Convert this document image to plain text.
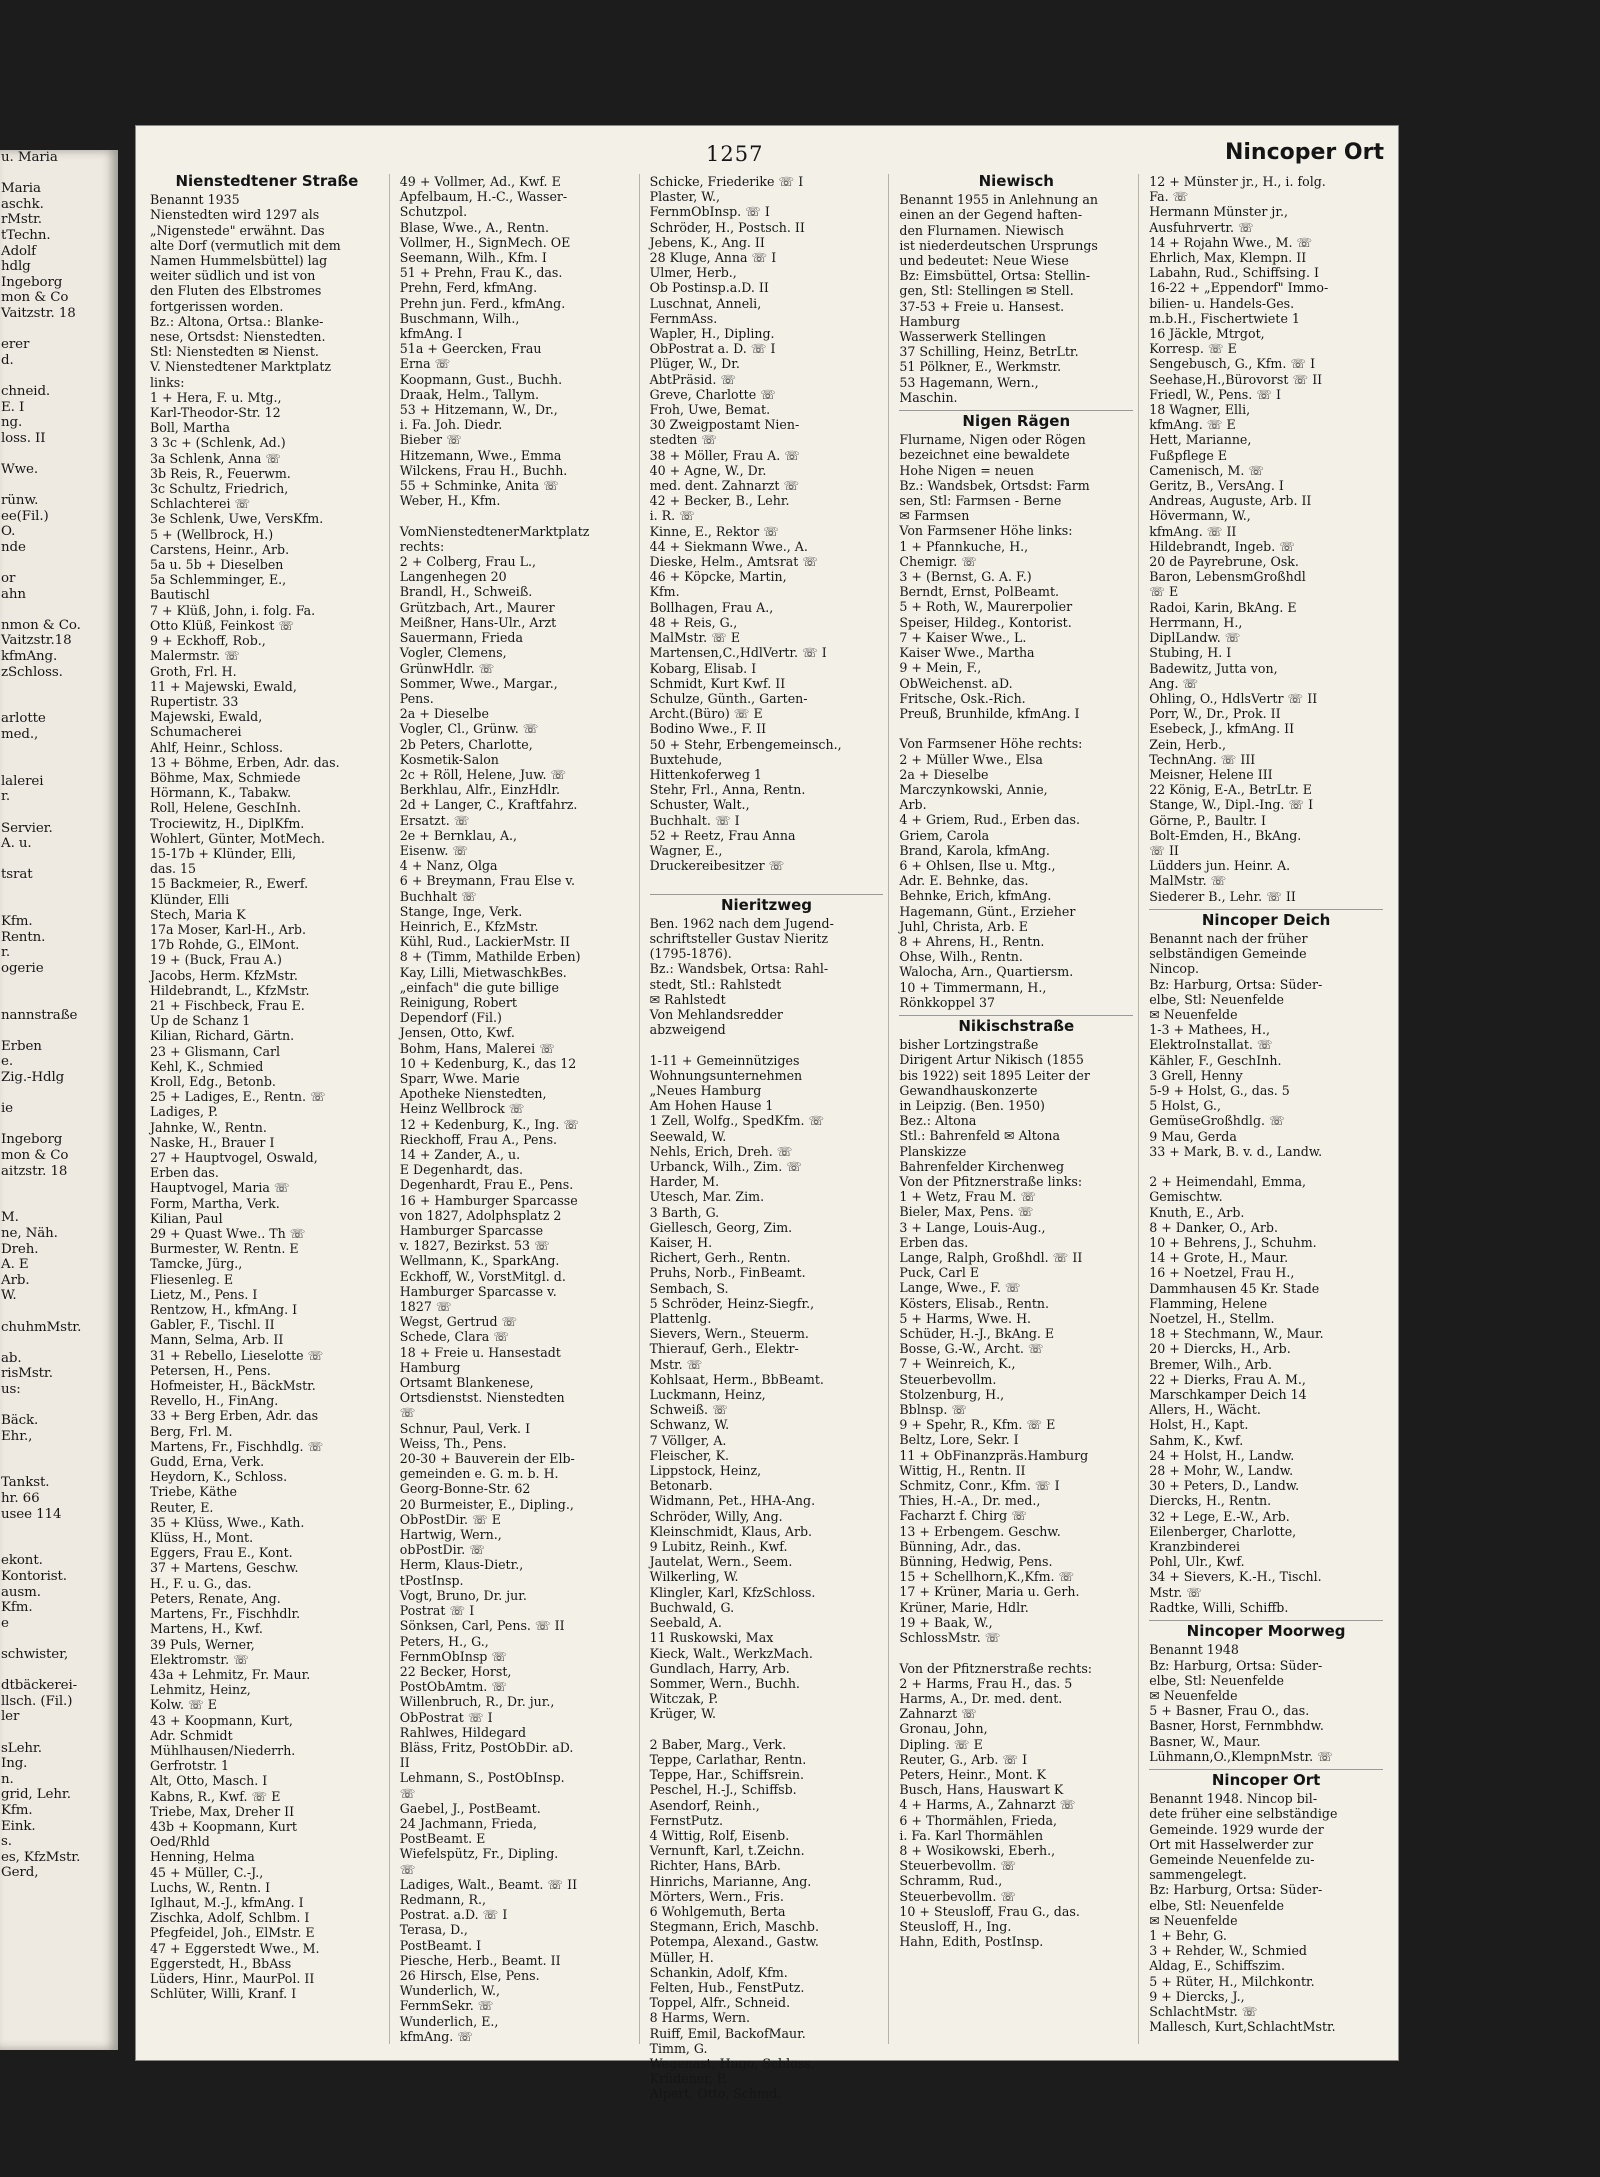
u. Maria

Maria
aschk.
rMstr.
tTechn.
Adolf
hdlg
Ingeborg
mon & Co
Vaitzstr. 18

erer
d.

chneid.
E. I
ng.
loss. II

Wwe.

rünw.
ee(Fil.)
O.
nde

or
ahn

nmon & Co.
Vaitzstr.18
kfmAng.
zSchloss.

arlotte
med.,

lalerei
r.

Servier.
A. u.

tsrat

Kfm.
Rentn.
r.
ogerie

nannstraße

Erben
e.
Zig.-Hdlg

ie

Ingeborg
mon & Co
aitzstr. 18

M.
ne, Näh.
Dreh.
A. E
Arb.
W.

chuhmMstr.

ab.
risMstr.
us:

Bäck.
Ehr.,

Tankst.
hr. 66
usee 114

ekont.
Kontorist.
ausm.
Kfm.
e

schwister,

dtbäckerei-
llsch. (Fil.)
ler

sLehr.
Ing.
n.
grid, Lehr.
Kfm.
Eink.
s.
es, KfzMstr.
Gerd,
1257	Nincoper Ort
Nienstedtener Straße
Benannt 1935
Nienstedten wird 1297 als
„Nigenstede" erwähnt. Das
alte Dorf (vermutlich mit dem
Namen Hummelsbüttel) lag
weiter südlich und ist von
den Fluten des Elbstromes
fortgerissen worden.
Bz.: Altona, Ortsa.: Blanke-
nese, Ortsdst: Nienstedten.
Stl: Nienstedten ✉ Nienst.
V. Nienstedtener Marktplatz
links:
1 + Hera, F. u. Mtg.,
Karl-Theodor-Str. 12
Boll, Martha
3 3c + (Schlenk, Ad.)
3a Schlenk, Anna ☏
3b Reis, R., Feuerwm.
3c Schultz, Friedrich,
Schlachterei ☏
3e Schlenk, Uwe, VersKfm.
5 + (Wellbrock, H.)
Carstens, Heinr., Arb.
5a u. 5b + Dieselben
5a Schlemminger, E.,
Bautischl
7 + Klüß, John, i. folg. Fa.
Otto Klüß, Feinkost ☏
9 + Eckhoff, Rob.,
Malermstr. ☏
Groth, Frl. H.
11 + Majewski, Ewald,
Rupertistr. 33
Majewski, Ewald,
Schumacherei
Ahlf, Heinr., Schloss.
13 + Böhme, Erben, Adr. das.
Böhme, Max, Schmiede
Hörmann, K., Tabakw.
Roll, Helene, GeschInh.
Trociewitz, H., DiplKfm.
Wohlert, Günter, MotMech.
15-17b + Klünder, Elli,
das. 15
15 Backmeier, R., Ewerf.
Klünder, Elli
Stech, Maria K
17a Moser, Karl-H., Arb.
17b Rohde, G., ElMont.
19 + (Buck, Frau A.)
Jacobs, Herm. KfzMstr.
Hildebrandt, L., KfzMstr.
21 + Fischbeck, Frau E.
Up de Schanz 1
Kilian, Richard, Gärtn.
23 + Glismann, Carl
Kehl, K., Schmied
Kroll, Edg., Betonb.
25 + Ladiges, E., Rentn. ☏
Ladiges, P.
Jahnke, W., Rentn.
Naske, H., Brauer I
27 + Hauptvogel, Oswald,
Erben das.
Hauptvogel, Maria ☏
Form, Martha, Verk.
Kilian, Paul
29 + Quast Wwe.. Th ☏
Burmester, W. Rentn. E
Tamcke, Jürg.,
Fliesenleg. E
Lietz, M., Pens. I
Rentzow, H., kfmAng. I
Gabler, F., Tischl. II
Mann, Selma, Arb. II
31 + Rebello, Lieselotte ☏
Petersen, H., Pens.
Hofmeister, H., BäckMstr.
Revello, H., FinAng.
33 + Berg Erben, Adr. das
Berg, Frl. M.
Martens, Fr., Fischhdlg. ☏
Gudd, Erna, Verk.
Heydorn, K., Schloss.
Triebe, Käthe
Reuter, E.
35 + Klüss, Wwe., Kath.
Klüss, H., Mont.
Eggers, Frau E., Kont.
37 + Martens, Geschw.
H., F. u. G., das.
Peters, Renate, Ang.
Martens, Fr., Fischhdlr.
Martens, H., Kwf.
39 Puls, Werner,
Elektromstr. ☏
43a + Lehmitz, Fr. Maur.
Lehmitz, Heinz,
Kolw. ☏ E
43 + Koopmann, Kurt,
Adr. Schmidt
Mühlhausen/Niederrh.
Gerfrotstr. 1
Alt, Otto, Masch. I
Kabns, R., Kwf. ☏ E
Triebe, Max, Dreher II
43b + Koopmann, Kurt
Oed/Rhld
Henning, Helma
45 + Müller, C.-J.,
Luchs, W., Rentn. I
Iglhaut, M.-J., kfmAng. I
Zischka, Adolf, Schlbm. I
Pfegfeidel, Joh., ElMstr. E
47 + Eggerstedt Wwe., M.
Eggerstedt, H., BbAss
Lüders, Hinr., MaurPol. II
Schlüter, Willi, Kranf. I
49 + Vollmer, Ad., Kwf. E
Apfelbaum, H.-C., Wasser-
Schutzpol.
Blase, Wwe., A., Rentn.
Vollmer, H., SignMech. OE
Seemann, Wilh., Kfm. I
51 + Prehn, Frau K., das.
Prehn, Ferd, kfmAng.
Prehn jun. Ferd., kfmAng.
Buschmann, Wilh.,
kfmAng. I
51a + Geercken, Frau
Erna ☏
Koopmann, Gust., Buchh.
Draak, Helm., Tallym.
53 + Hitzemann, W., Dr.,
i. Fa. Joh. Diedr.
Bieber ☏
Hitzemann, Wwe., Emma
Wilckens, Frau H., Buchh.
55 + Schminke, Anita ☏
Weber, H., Kfm.

VomNienstedtenerMarktplatz
rechts:
2 + Colberg, Frau L.,
Langenhegen 20
Brandl, H., Schweiß.
Grützbach, Art., Maurer
Meißner, Hans-Ulr., Arzt
Sauermann, Frieda
Vogler, Clemens,
GrünwHdlr. ☏
Sommer, Wwe., Margar.,
Pens.
2a + Dieselbe
Vogler, Cl., Grünw. ☏
2b Peters, Charlotte,
Kosmetik-Salon
2c + Röll, Helene, Juw. ☏
Berkhlau, Alfr., EinzHdlr.
2d + Langer, C., Kraftfahrz.
Ersatzt. ☏
2e + Bernklau, A.,
Eisenw. ☏
4 + Nanz, Olga
6 + Breymann, Frau Else v.
Buchhalt ☏
Stange, Inge, Verk.
Heinrich, E., KfzMstr.
Kühl, Rud., LackierMstr. II
8 + (Timm, Mathilde Erben)
Kay, Lilli, MietwaschkBes.
„einfach" die gute billige
Reinigung, Robert
Dependorf (Fil.)
Jensen, Otto, Kwf.
Bohm, Hans, Malerei ☏
10 + Kedenburg, K., das 12
Sparr, Wwe. Marie
Apotheke Nienstedten,
Heinz Wellbrock ☏
12 + Kedenburg, K., Ing. ☏
Rieckhoff, Frau A., Pens.
14 + Zander, A., u.
E Degenhardt, das.
Degenhardt, Frau E., Pens.
16 + Hamburger Sparcasse
von 1827, Adolphsplatz 2
Hamburger Sparcasse
v. 1827, Bezirkst. 53 ☏
Wellmann, K., SparkAng.
Eckhoff, W., VorstMitgl. d.
Hamburger Sparcasse v.
1827 ☏
Wegst, Gertrud ☏
Schede, Clara ☏
18 + Freie u. Hansestadt
Hamburg
Ortsamt Blankenese,
Ortsdienstst. Nienstedten
☏
Schnur, Paul, Verk. I
Weiss, Th., Pens.
20-30 + Bauverein der Elb-
gemeinden e. G. m. b. H.
Georg-Bonne-Str. 62
20 Burmeister, E., Dipling.,
ObPostDir. ☏ E
Hartwig, Wern.,
obPostDir. ☏
Herm, Klaus-Dietr.,
tPostInsp.
Vogt, Bruno, Dr. jur.
Postrat ☏ I
Sönksen, Carl, Pens. ☏ II
Peters, H., G.,
FernmObInsp ☏
22 Becker, Horst,
PostObAmtm. ☏
Willenbruch, R., Dr. jur.,
ObPostrat ☏ I
Rahlwes, Hildegard
Bläss, Fritz, PostObDir. aD.
II
Lehmann, S., PostObInsp.
☏
Gaebel, J., PostBeamt.
24 Jachmann, Frieda,
PostBeamt. E
Wiefelspütz, Fr., Dipling.
☏
Ladiges, Walt., Beamt. ☏ II
Redmann, R.,
Postrat. a.D. ☏ I
Terasa, D.,
PostBeamt. I
Piesche, Herb., Beamt. II
26 Hirsch, Else, Pens.
Wunderlich, W.,
FernmSekr. ☏
Wunderlich, E.,
kfmAng. ☏
Schicke, Friederike ☏ I
Plaster, W.,
FernmObInsp. ☏ I
Schröder, H., Postsch. II
Jebens, K., Ang. II
28 Kluge, Anna ☏ I
Ulmer, Herb.,
Ob Postinsp.a.D. II
Luschnat, Anneli,
FernmAss.
Wapler, H., Dipling.
ObPostrat a. D. ☏ I
Plüger, W., Dr.
AbtPräsid. ☏
Greve, Charlotte ☏
Froh, Uwe, Bemat.
30 Zweigpostamt Nien-
stedten ☏
38 + Möller, Frau A. ☏
40 + Agne, W., Dr.
med. dent. Zahnarzt ☏
42 + Becker, B., Lehr.
i. R. ☏
Kinne, E., Rektor ☏
44 + Siekmann Wwe., A.
Dieske, Helm., Amtsrat ☏
46 + Köpcke, Martin,
Kfm.
Bollhagen, Frau A.,
48 + Reis, G.,
MalMstr. ☏ E
Martensen,C.,HdlVertr. ☏ I
Kobarg, Elisab. I
Schmidt, Kurt Kwf. II
Schulze, Günth., Garten-
Archt.(Büro) ☏ E
Bodino Wwe., F. II
50 + Stehr, Erbengemeinsch.,
Buxtehude,
Hittenkoferweg 1
Stehr, Frl., Anna, Rentn.
Schuster, Walt.,
Buchhalt. ☏ I
52 + Reetz, Frau Anna
Wagner, E.,
Druckereibesitzer ☏

Nieritzweg
Ben. 1962 nach dem Jugend-
schriftsteller Gustav Nieritz
(1795-1876).
Bz.: Wandsbek, Ortsa: Rahl-
stedt, Stl.: Rahlstedt
✉ Rahlstedt
Von Mehlandsredder
abzweigend

1-11 + Gemeinnütziges
Wohnungsunternehmen
„Neues Hamburg
Am Hohen Hause 1
1 Zell, Wolfg., SpedKfm. ☏
Seewald, W.
Nehls, Erich, Dreh. ☏
Urbanck, Wilh., Zim. ☏
Harder, M.
Utesch, Mar. Zim.
3 Barth, G.
Giellesch, Georg, Zim.
Kaiser, H.
Richert, Gerh., Rentn.
Pruhs, Norb., FinBeamt.
Sembach, S.
5 Schröder, Heinz-Siegfr.,
Plattenlg.
Sievers, Wern., Steuerm.
Thierauf, Gerh., Elektr-
Mstr. ☏
Kohlsaat, Herm., BbBeamt.
Luckmann, Heinz,
Schweiß. ☏
Schwanz, W.
7 Völlger, A.
Fleischer, K.
Lippstock, Heinz,
Betonarb.
Widmann, Pet., HHA-Ang.
Schröder, Willy, Ang.
Kleinschmidt, Klaus, Arb.
9 Lubitz, Reinh., Kwf.
Jautelat, Wern., Seem.
Wilkerling, W.
Klingler, Karl, KfzSchloss.
Buchwald, G.
Seebald, A.
11 Ruskowski, Max
Kieck, Walt., WerkzMach.
Gundlach, Harry, Arb.
Sommer, Wern., Buchh.
Witczak, P.
Krüger, W.

2 Baber, Marg., Verk.
Teppe, Carlathar, Rentn.
Teppe, Har., Schiffsrein.
Peschel, H.-J., Schiffsb.
Asendorf, Reinh.,
FernstPutz.
4 Wittig, Rolf, Eisenb.
Vernunft, Karl, t.Zeichn.
Richter, Hans, BArb.
Hinrichs, Marianne, Ang.
Mörters, Wern., Fris.
6 Wohlgemuth, Berta
Stegmann, Erich, Maschb.
Potempa, Alexand., Gastw.
Müller, H.
Schankin, Adolf, Kfm.
Felten, Hub., FenstPutz.
Toppel, Alfr., Schneid.
8 Harms, Wern.
Ruiff, Emil, BackofMaur.
Timm, G.
Wegenast, Hugo, Schloss.
Krüdener, P.
Alpert, Otto, Schmd.
Niewisch
Benannt 1955 in Anlehnung an
einen an der Gegend haften-
den Flurnamen. Niewisch
ist niederdeutschen Ursprungs
und bedeutet: Neue Wiese
Bz: Eimsbüttel, Ortsa: Stellin-
gen, Stl: Stellingen ✉ Stell.
37-53 + Freie u. Hansest.
Hamburg
Wasserwerk Stellingen
37 Schilling, Heinz, BetrLtr.
51 Pölkner, E., Werkmstr.
53 Hagemann, Wern.,
Maschin.
Nigen Rägen
Flurname, Nigen oder Rögen
bezeichnet eine bewaldete
Hohe Nigen = neuen
Bz.: Wandsbek, Ortsdst: Farm
sen, Stl: Farmsen - Berne
✉ Farmsen
Von Farmsener Höhe links:
1 + Pfannkuche, H.,
Chemigr. ☏
3 + (Bernst, G. A. F.)
Berndt, Ernst, PolBeamt.
5 + Roth, W., Maurerpolier
Speiser, Hildeg., Kontorist.
7 + Kaiser Wwe., L.
Kaiser Wwe., Martha
9 + Mein, F.,
ObWeichenst. aD.
Fritsche, Osk.-Rich.
Preuß, Brunhilde, kfmAng. I

Von Farmsener Höhe rechts:
2 + Müller Wwe., Elsa
2a + Dieselbe
Marczynkowski, Annie,
Arb.
4 + Griem, Rud., Erben das.
Griem, Carola
Brand, Karola, kfmAng.
6 + Ohlsen, Ilse u. Mtg.,
Adr. E. Behnke, das.
Behnke, Erich, kfmAng.
Hagemann, Günt., Erzieher
Juhl, Christa, Arb. E
8 + Ahrens, H., Rentn.
Ohse, Wilh., Rentn.
Walocha, Arn., Quartiersm.
10 + Timmermann, H.,
Rönkkoppel 37
Nikischstraße
bisher Lortzingstraße
Dirigent Artur Nikisch (1855
bis 1922) seit 1895 Leiter der
Gewandhauskonzerte
in Leipzig. (Ben. 1950)
Bez.: Altona
Stl.: Bahrenfeld ✉ Altona
Planskizze
Bahrenfelder Kirchenweg
Von der Pfitznerstraße links:
1 + Wetz, Frau M. ☏
Bieler, Max, Pens. ☏
3 + Lange, Louis-Aug.,
Erben das.
Lange, Ralph, Großhdl. ☏ II
Puck, Carl E
Lange, Wwe., F. ☏
Kösters, Elisab., Rentn.
5 + Harms, Wwe. H.
Schüder, H.-J., BkAng. E
Bosse, G.-W., Archt. ☏
7 + Weinreich, K.,
Steuerbevollm.
Stolzenburg, H.,
Bblnsp. ☏
9 + Spehr, R., Kfm. ☏ E
Beltz, Lore, Sekr. I
11 + ObFinanzpräs.Hamburg
Wittig, H., Rentn. II
Schmitz, Conr., Kfm. ☏ I
Thies, H.-A., Dr. med.,
Facharzt f. Chirg ☏
13 + Erbengem. Geschw.
Bünning, Adr., das.
Bünning, Hedwig, Pens.
15 + Schellhorn,K.,Kfm. ☏
17 + Krüner, Maria u. Gerh.
Krüner, Marie, Hdlr.
19 + Baak, W.,
SchlossMstr. ☏

Von der Pfitznerstraße rechts:
2 + Harms, Frau H., das. 5
Harms, A., Dr. med. dent.
Zahnarzt ☏
Gronau, John,
Dipling. ☏ E
Reuter, G., Arb. ☏ I
Peters, Heinr., Mont. K
Busch, Hans, Hauswart K
4 + Harms, A., Zahnarzt ☏
6 + Thormählen, Frieda,
i. Fa. Karl Thormählen
8 + Wosikowski, Eberh.,
Steuerbevollm. ☏
Schramm, Rud.,
Steuerbevollm. ☏
10 + Steusloff, Frau G., das.
Steusloff, H., Ing.
Hahn, Edith, PostInsp.
12 + Münster jr., H., i. folg.
Fa. ☏
Hermann Münster jr.,
Ausfuhrvertr. ☏
14 + Rojahn Wwe., M. ☏
Ehrlich, Max, Klempn. II
Labahn, Rud., Schiffsing. I
16-22 + „Eppendorf" Immo-
bilien- u. Handels-Ges.
m.b.H., Fischertwiete 1
16 Jäckle, Mtrgot,
Korresp. ☏ E
Sengebusch, G., Kfm. ☏ I
Seehase,H.,Bürovorst ☏ II
Friedl, W., Pens. ☏ I
18 Wagner, Elli,
kfmAng. ☏ E
Hett, Marianne,
Fußpflege E
Camenisch, M. ☏
Geritz, B., VersAng. I
Andreas, Auguste, Arb. II
Hövermann, W.,
kfmAng. ☏ II
Hildebrandt, Ingeb. ☏
20 de Payrebrune, Osk.
Baron, LebensmGroßhdl
☏ E
Radoi, Karin, BkAng. E
Herrmann, H.,
DiplLandw. ☏
Stubing, H. I
Badewitz, Jutta von,
Ang. ☏
Ohling, O., HdlsVertr ☏ II
Porr, W., Dr., Prok. II
Esebeck, J., kfmAng. II
Zein, Herb.,
TechnAng. ☏ III
Meisner, Helene III
22 König, E-A., BetrLtr. E
Stange, W., Dipl.-Ing. ☏ I
Görne, P., Baultr. I
Bolt-Emden, H., BkAng.
☏ II
Lüdders jun. Heinr. A.
MalMstr. ☏
Siederer B., Lehr. ☏ II
Nincoper Deich
Benannt nach der früher
selbständigen Gemeinde
Nincop.
Bz: Harburg, Ortsa: Süder-
elbe, Stl: Neuenfelde
✉ Neuenfelde
1-3 + Mathees, H.,
ElektroInstallat. ☏
Kähler, F., GeschInh.
3 Grell, Henny
5-9 + Holst, G., das. 5
5 Holst, G.,
GemüseGroßhdlg. ☏
9 Mau, Gerda
33 + Mark, B. v. d., Landw.

2 + Heimendahl, Emma,
Gemischtw.
Knuth, E., Arb.
8 + Danker, O., Arb.
10 + Behrens, J., Schuhm.
14 + Grote, H., Maur.
16 + Noetzel, Frau H.,
Dammhausen 45 Kr. Stade
Flamming, Helene
Noetzel, H., Stellm.
18 + Stechmann, W., Maur.
20 + Diercks, H., Arb.
Bremer, Wilh., Arb.
22 + Dierks, Frau A. M.,
Marschkamper Deich 14
Allers, H., Wächt.
Holst, H., Kapt.
Sahm, K., Kwf.
24 + Holst, H., Landw.
28 + Mohr, W., Landw.
30 + Peters, D., Landw.
Diercks, H., Rentn.
32 + Lege, E.-W., Arb.
Eilenberger, Charlotte,
Kranzbinderei
Pohl, Ulr., Kwf.
34 + Sievers, K.-H., Tischl.
Mstr. ☏
Radtke, Willi, Schiffb.
Nincoper Moorweg
Benannt 1948
Bz: Harburg, Ortsa: Süder-
elbe, Stl: Neuenfelde
✉ Neuenfelde
5 + Basner, Frau O., das.
Basner, Horst, Fernmbhdw.
Basner, W., Maur.
Lühmann,O.,KlempnMstr. ☏
Nincoper Ort
Benannt 1948. Nincop bil-
dete früher eine selbständige
Gemeinde. 1929 wurde der
Ort mit Hasselwerder zur
Gemeinde Neuenfelde zu-
sammengelegt.
Bz: Harburg, Ortsa: Süder-
elbe, Stl: Neuenfelde
✉ Neuenfelde
1 + Behr, G.
3 + Rehder, W., Schmied
Aldag, E., Schiffszim.
5 + Rüter, H., Milchkontr.
9 + Diercks, J.,
SchlachtMstr. ☏
Mallesch, Kurt,SchlachtMstr.
